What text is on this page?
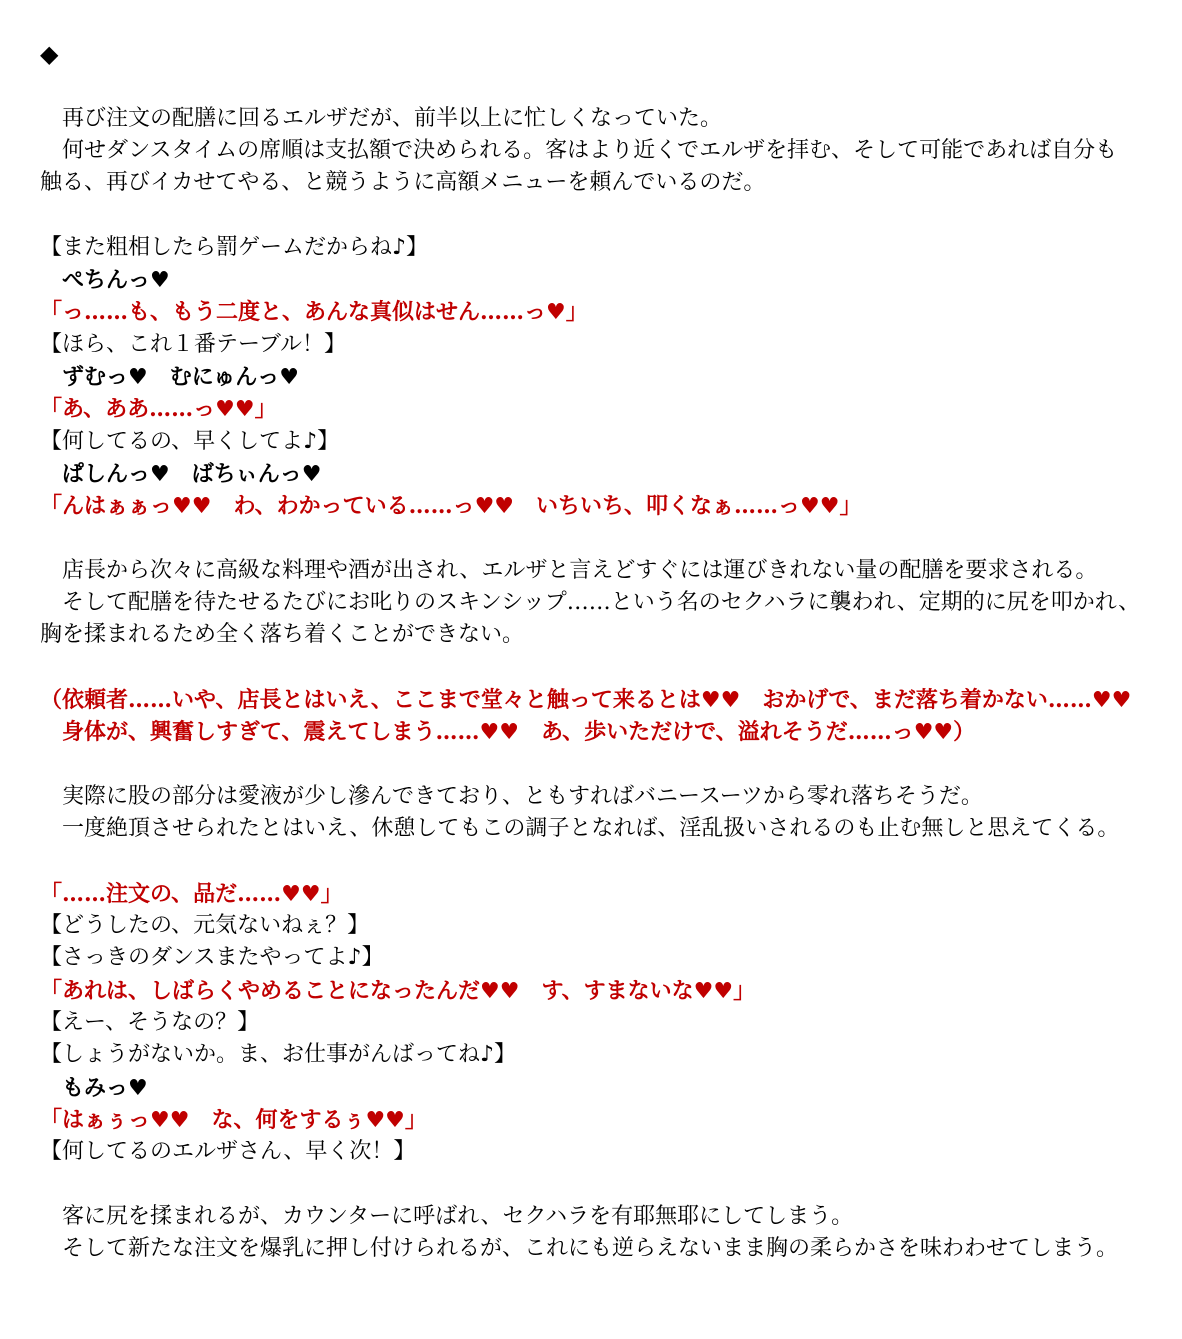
◆
　再び注文の配膳に回るエルザだが、前半以上に忙しくなっていた。
　何せダンスタイムの席順は支払額で決められる。客はより近くでエルザを拝む、そして可能であれば自分も
触る、再びイカせてやる、と競うように高額メニューを頼んでいるのだ。
【また粗相したら罰ゲームだからね♪】
　ぺちんっ♥
「っ……も、もう二度と、あんな真似はせん……っ♥」
【ほら、これ１番テーブル！】
　ずむっ♥　むにゅんっ♥
「あ、ああ……っ♥♥」
【何してるの、早くしてよ♪】
　ぱしんっ♥　ばちぃんっ♥
「んはぁぁっ♥♥　わ、わかっている……っ♥♥　いちいち、叩くなぁ……っ♥♥」
　店長から次々に高級な料理や酒が出され、エルザと言えどすぐには運びきれない量の配膳を要求される。
　そして配膳を待たせるたびにお叱りのスキンシップ……という名のセクハラに襲われ、定期的に尻を叩かれ、
胸を揉まれるため全く落ち着くことができない。
（依頼者……いや、店長とはいえ、ここまで堂々と触って来るとは♥♥　おかげで、まだ落ち着かない……♥♥
　身体が、興奮しすぎて、震えてしまう……♥♥　あ、歩いただけで、溢れそうだ……っ♥♥）
　実際に股の部分は愛液が少し滲んできており、ともすればバニースーツから零れ落ちそうだ。
　一度絶頂させられたとはいえ、休憩してもこの調子となれば、淫乱扱いされるのも止む無しと思えてくる。
「……注文の、品だ……♥♥」
【どうしたの、元気ないねぇ？】
【さっきのダンスまたやってよ♪】
「あれは、しばらくやめることになったんだ♥♥　す、すまないな♥♥」
【えー、そうなの？】
【しょうがないか。ま、お仕事がんばってね♪】
　もみっ♥
「はぁぅっ♥♥　な、何をするぅ♥♥」
【何してるのエルザさん、早く次！】
　客に尻を揉まれるが、カウンターに呼ばれ、セクハラを有耶無耶にしてしまう。
　そして新たな注文を爆乳に押し付けられるが、これにも逆らえないまま胸の柔らかさを味わわせてしまう。
